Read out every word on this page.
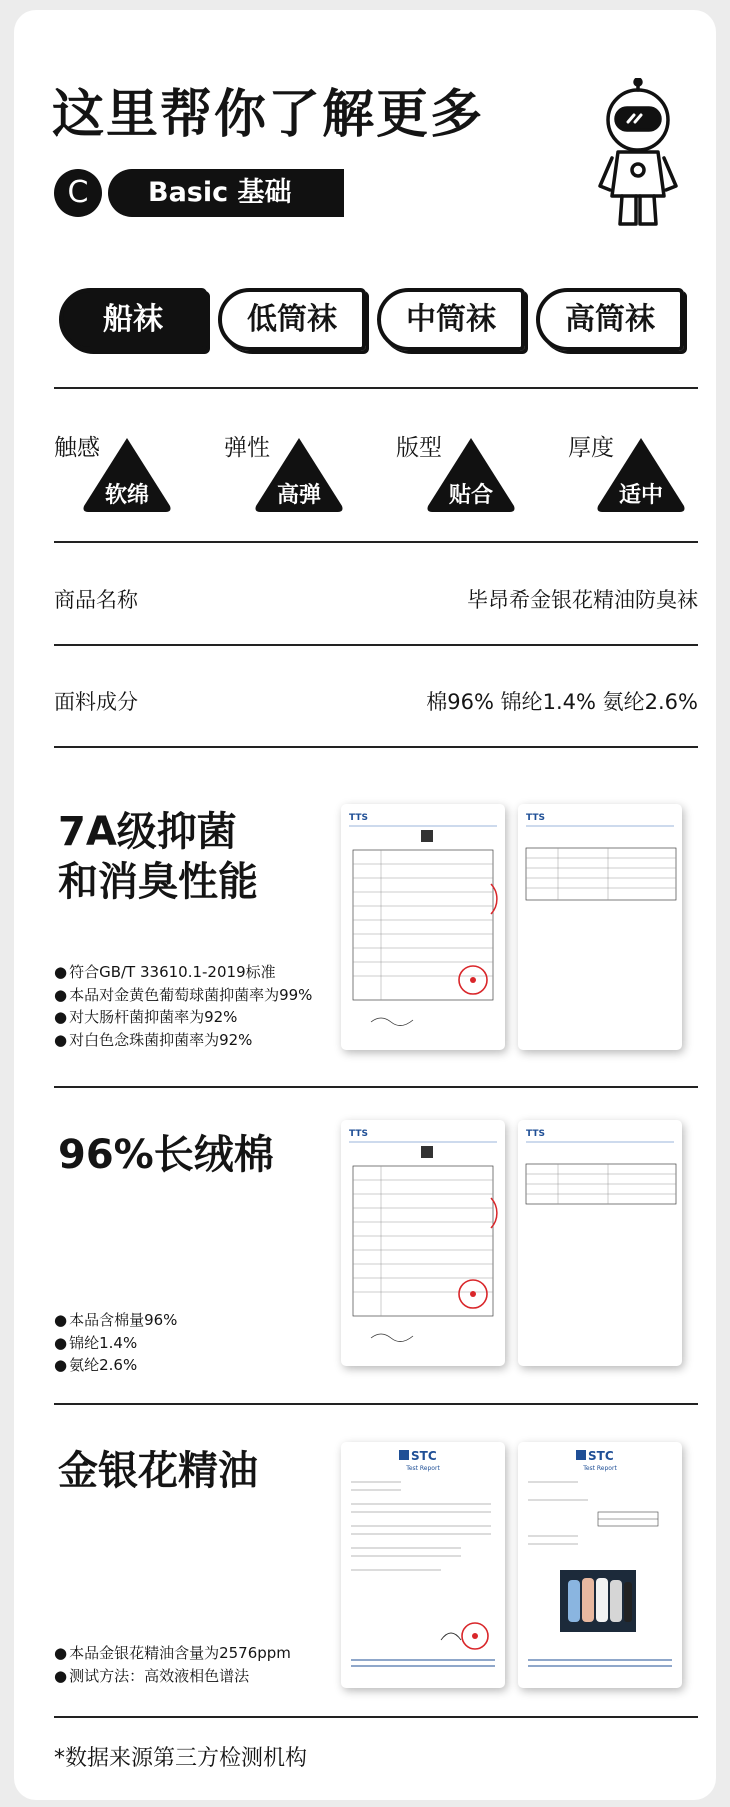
这里帮你了解更多
C	Basic 基础
船袜	低筒袜	中筒袜	高筒袜
触感
软绵
弹性
高弹
版型
贴合
厚度
适中
商品名称	毕昂希金银花精油防臭袜
面料成分	棉96% 锦纶1.4% 氨纶2.6%
7A级抑菌
和消臭性能
● 符合GB/T 33610.1-2019标准
● 本品对金黄色葡萄球菌抑菌率为99%
● 对大肠杆菌抑菌率为92%
● 对白色念珠菌抑菌率为92%
TTS	TTS
96%长绒棉
● 本品含棉量96%
● 锦纶1.4%
● 氨纶2.6%
TTS	TTS
金银花精油
● 本品金银花精油含量为2576ppm
● 测试方法：高效液相色谱法
STC
Test Report
STC
Test Report
*数据来源第三方检测机构
